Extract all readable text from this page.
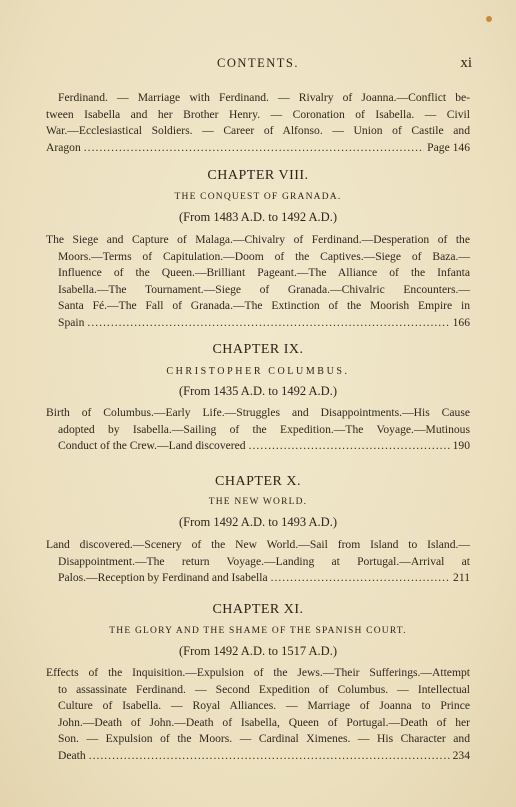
CONTENTS.	xi
Ferdinand. — Marriage with Ferdinand. — Rivalry of Joanna.—Conflict be-
tween Isabella and her Brother Henry. — Coronation of Isabella. — Civil
War.—Ecclesiastical Soldiers. — Career of Alfonso. — Union of Castile and
Aragon .....	Page 146
CHAPTER VIII.
THE CONQUEST OF GRANADA.
(From 1483 A.D. to 1492 A.D.)
The Siege and Capture of Malaga.—Chivalry of Ferdinand.—Desperation of the
Moors.—Terms of Capitulation.—Doom of the Captives.—Siege of Baza.—
Influence of the Queen.—Brilliant Pageant.—The Alliance of the Infanta
Isabella.—The Tournament.—Siege of Granada.—Chivalric Encounters.—
Santa Fé.—The Fall of Granada.—The Extinction of the Moorish Empire in
Spain .....	166
CHAPTER IX.
CHRISTOPHER COLUMBUS.
(From 1435 A.D. to 1492 A.D.)
Birth of Columbus.—Early Life.—Struggles and Disappointments.—His Cause
adopted by Isabella.—Sailing of the Expedition.—The Voyage.—Mutinous
Conduct of the Crew.—Land discovered .....	190
CHAPTER X.
THE NEW WORLD.
(From 1492 A.D. to 1493 A.D.)
Land discovered.—Scenery of the New World.—Sail from Island to Island.—
Disappointment.—The return Voyage.—Landing at Portugal.—Arrival at
Palos.—Reception by Ferdinand and Isabella .....	211
CHAPTER XI.
THE GLORY AND THE SHAME OF THE SPANISH COURT.
(From 1492 A.D. to 1517 A.D.)
Effects of the Inquisition.—Expulsion of the Jews.—Their Sufferings.—Attempt
to assassinate Ferdinand. — Second Expedition of Columbus. — Intellectual
Culture of Isabella. — Royal Alliances. — Marriage of Joanna to Prince
John.—Death of John.—Death of Isabella, Queen of Portugal.—Death of her
Son. — Expulsion of the Moors. — Cardinal Ximenes. — His Character and
Death .....	234
